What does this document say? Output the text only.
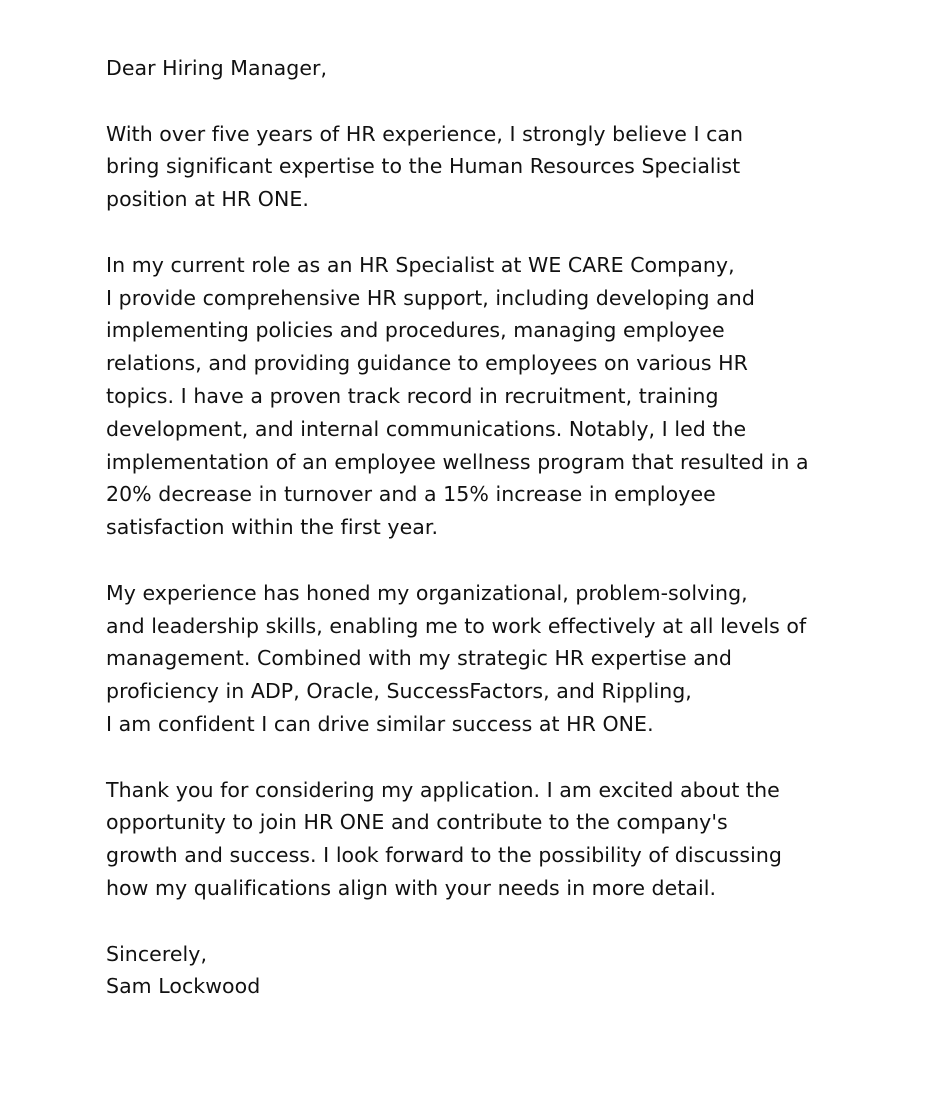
Dear Hiring Manager,
With over five years of HR experience, I strongly believe I can
bring significant expertise to the Human Resources Specialist
position at HR ONE.
In my current role as an HR Specialist at WE CARE Company,
I provide comprehensive HR support, including developing and
implementing policies and procedures, managing employee
relations, and providing guidance to employees on various HR
topics. I have a proven track record in recruitment, training
development, and internal communications. Notably, I led the
implementation of an employee wellness program that resulted in a
20% decrease in turnover and a 15% increase in employee
satisfaction within the first year.
My experience has honed my organizational, problem-solving,
and leadership skills, enabling me to work effectively at all levels of
management. Combined with my strategic HR expertise and
proficiency in ADP, Oracle, SuccessFactors, and Rippling,
I am confident I can drive similar success at HR ONE.
Thank you for considering my application. I am excited about the
opportunity to join HR ONE and contribute to the company's
growth and success. I look forward to the possibility of discussing
how my qualifications align with your needs in more detail.
Sincerely,
Sam Lockwood
